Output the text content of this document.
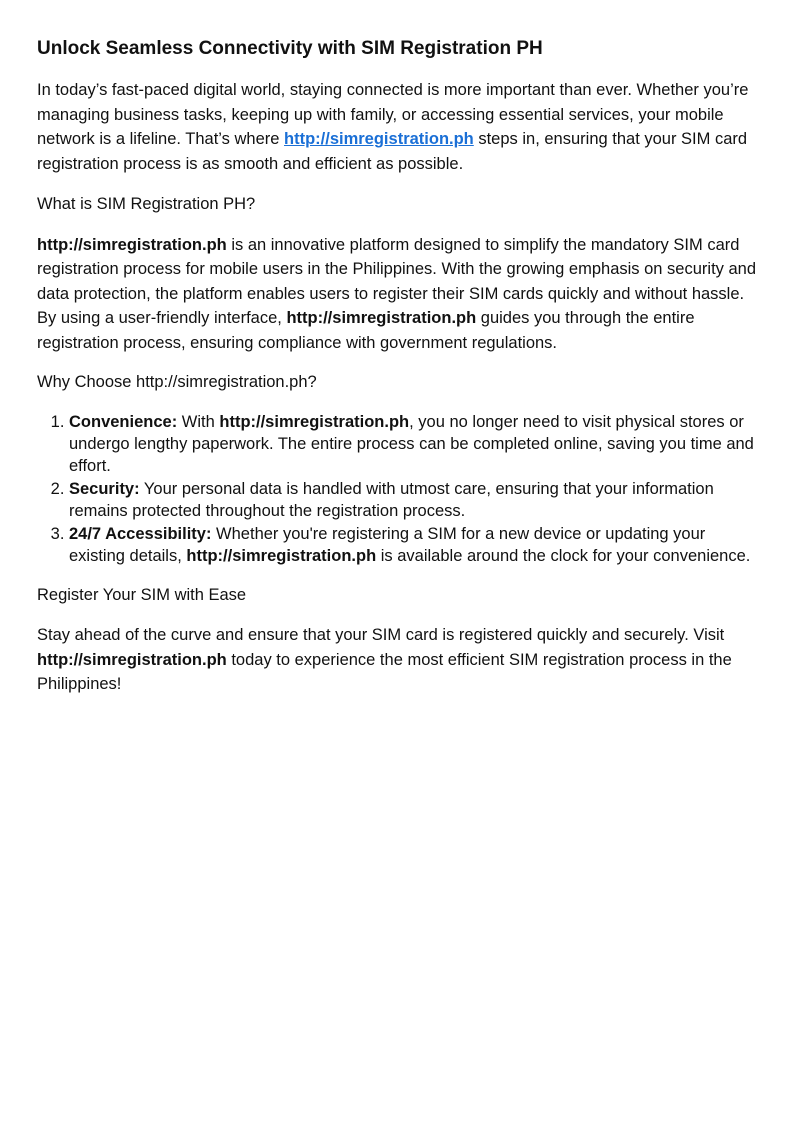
Unlock Seamless Connectivity with SIM Registration PH

In today’s fast-paced digital world, staying connected is more important than ever. Whether you’re managing business tasks, keeping up with family, or accessing essential services, your mobile network is a lifeline. That’s where http://simregistration.ph steps in, ensuring that your SIM card registration process is as smooth and efficient as possible.

What is SIM Registration PH?

http://simregistration.ph is an innovative platform designed to simplify the mandatory SIM card registration process for mobile users in the Philippines. With the growing emphasis on security and data protection, the platform enables users to register their SIM cards quickly and without hassle. By using a user-friendly interface, http://simregistration.ph guides you through the entire registration process, ensuring compliance with government regulations.

Why Choose http://simregistration.ph?

1. Convenience: With http://simregistration.ph, you no longer need to visit physical stores or undergo lengthy paperwork. The entire process can be completed online, saving you time and effort.
2. Security: Your personal data is handled with utmost care, ensuring that your information remains protected throughout the registration process.
3. 24/7 Accessibility: Whether you're registering a SIM for a new device or updating your existing details, http://simregistration.ph is available around the clock for your convenience.

Register Your SIM with Ease

Stay ahead of the curve and ensure that your SIM card is registered quickly and securely. Visit http://simregistration.ph today to experience the most efficient SIM registration process in the Philippines!
